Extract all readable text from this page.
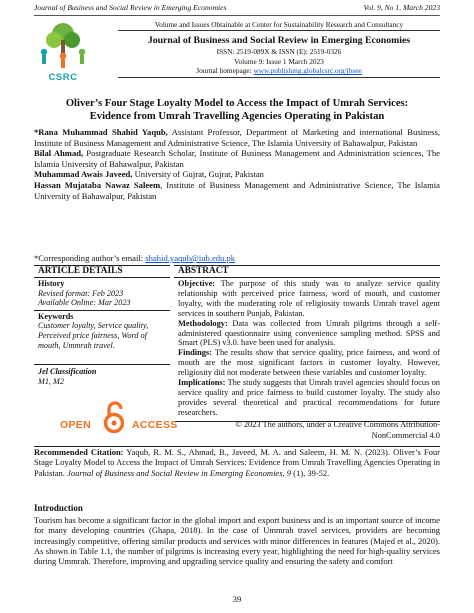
Journal of Business and Social Review in Emerging Economies	Vol. 9, No 1, March 2023
CSRC
Volume and Issues Obtainable at Center for Sustainability Research and Consultancy
Journal of Business and Social Review in Emerging Economies
ISSN: 2519-089X & ISSN (E): 2519-0326
Volume 9: Issue 1 March 2023
Journal homepage: www.publishing.globalcsrc.org/jbsee
Oliver’s Four Stage Loyalty Model to Access the Impact of Umrah Services:
Evidence from Umrah Travelling Agencies Operating in Pakistan

*Rana Muhammad Shahid Yaqub, Assistant Professor, Department of Marketing and international Business, Institute of Business Management and Administrative Science, The Islamia University of Bahawalpur, Pakistan

Bilal Ahmad, Postgraduate Research Scholar, Institute of Business Management and Administration sciences, The Islamia University of Bahawalpur, Pakistan

Muhammad Awais Javeed, University of Gujrat, Gujrat, Pakistan

Hassan Mujataba Nawaz Saleem, Institute of Business Management and Administrative Science, The Islamia University of Bahawalpur, Pakistan

*Corresponding author’s email: shahid.yaqub@iub.edu.pk
ARTICLE DETAILS
History
Revised format: Feb 2023
Available Online: Mar 2023
Keywords
Customer loyalty, Service quality,
Perceived price fairness, Word of mouth, Ummrah travel.
Jel Classification
M1, M2
ABSTRACT

Objective: The purpose of this study was to analyze service quality relationship with perceived price fairness, word of mouth, and customer loyalty, with the moderating role of religiosity towards Umrah travel agent services in southern Punjab, Pakistan.

Methodology: Data was collected from Umrah pilgrims through a self-administered questionnaire using convenience sampling method. SPSS and Smart (PLS) v3.0. have been used for analysis.

Findings: The results show that service quality, price fairness, and word of mouth are the most significant factors in customer loyalty. However, religiosity did not moderate between these variables and customer loyalty.

Implications: The study suggests that Umrah travel agencies should focus on service quality and price fairness to build customer loyalty. The study also provides several theoretical and practical recommendations for future researchers.

OPEN	ACCESS	© 2023 The authors, under a Creative Commons Attribution-
NonCommercial 4.0
Recommended Citation: Yaqub, R. M. S., Ahmad, B., Javeed, M. A. and Saleem, H. M. N. (2023). Oliver’s Four Stage Loyalty Model to Access the Impact of Umrah Services: Evidence from Umrah Travelling Agencies Operating in Pakistan. Journal of Business and Social Review in Emerging Economies, 9 (1), 39-52.
Introduction
Tourism has become a significant factor in the global import and export business and is an important source of income for many developing countries (Ghapa, 2018). In the case of Ummrah travel services, providers are becoming increasingly competitive, offering similar products and services with minor differences in features (Majed et al., 2020). As shown in Table 1.1, the number of pilgrims is increasing every year, highlighting the need for high-quality services during Ummrah. Therefore, improving and upgrading service quality and ensuring the safety and comfort
39
